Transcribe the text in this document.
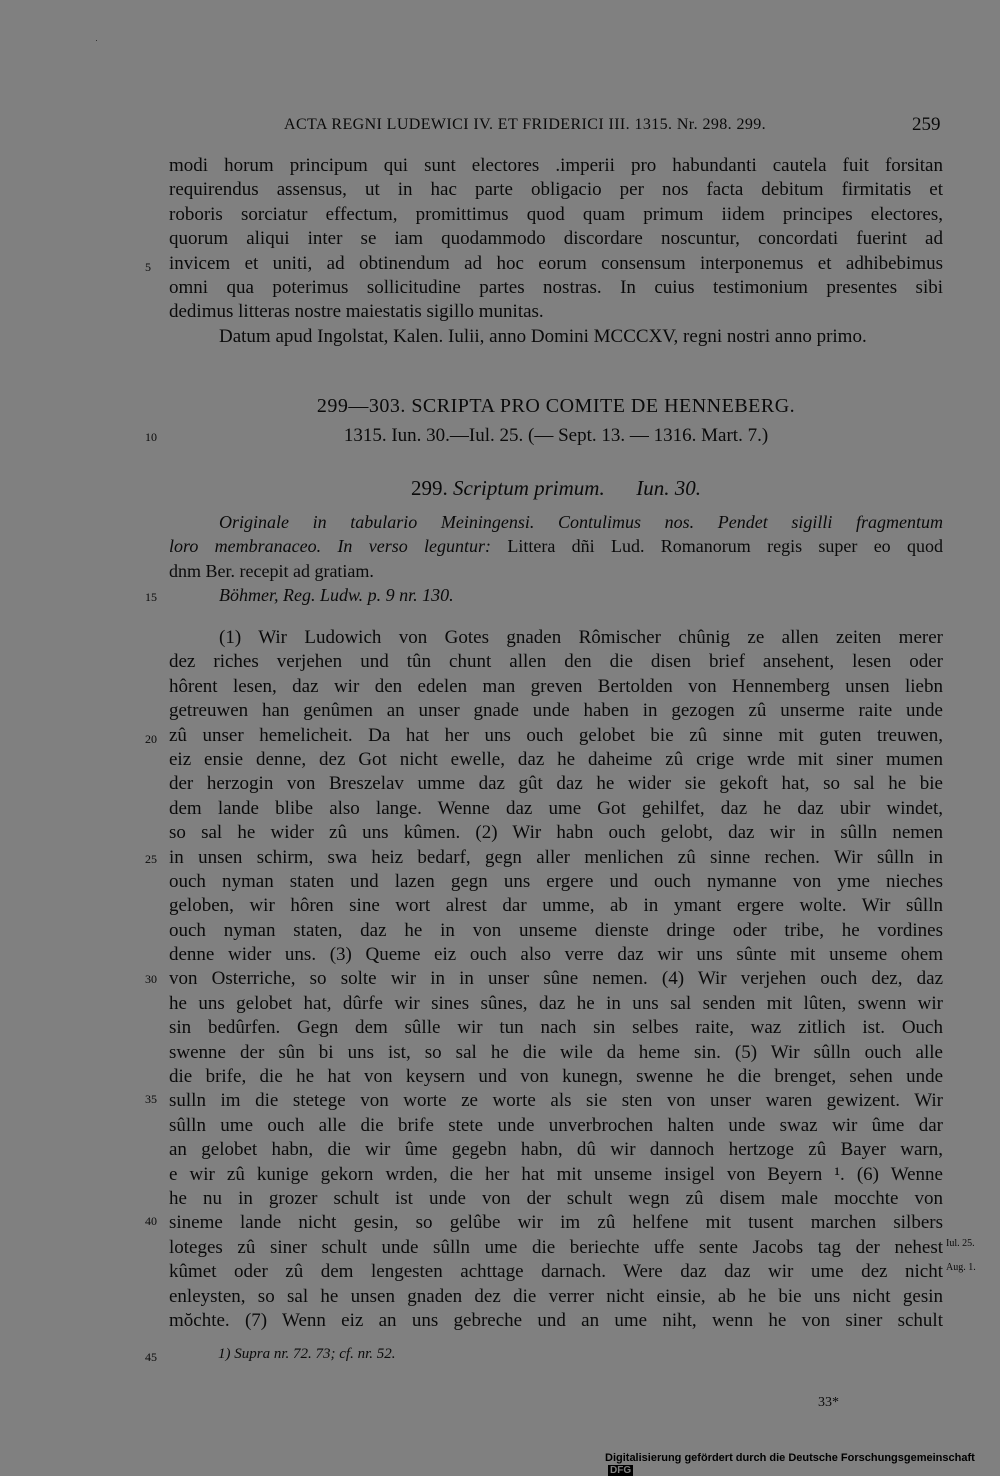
ACTA REGNI LUDEWICI IV. ET FRIDERICI III. 1315. Nr. 298. 299.	259
modi horum principum qui sunt electores .imperii pro habundanti cautela fuit forsitan
requirendus assensus, ut in hac parte obligacio per nos facta debitum firmitatis et
roboris sorciatur effectum, promittimus quod quam primum iidem principes electores,
quorum aliqui inter se iam quodammodo discordare noscuntur, concordati fuerint ad
invicem et uniti, ad obtinendum ad hoc eorum consensum interponemus et adhibebimus
omni qua poterimus sollicitudine partes nostras. In cuius testimonium presentes sibi
dedimus litteras nostre maiestatis sigillo munitas.
Datum apud Ingolstat, Kalen. Iulii, anno Domini MCCCXV, regni nostri anno primo.
299—303. SCRIPTA PRO COMITE DE HENNEBERG.
1315. Iun. 30.—Iul. 25. (— Sept. 13. — 1316. Mart. 7.)
299. Scriptum primum. Iun. 30.
Originale in tabulario Meiningensi. Contulimus nos. Pendet sigilli fragmentum
loro membranaceo. In verso leguntur: Littera dñi Lud. Romanorum regis super eo quod
dnm Ber. recepit ad gratiam.
Böhmer, Reg. Ludw. p. 9 nr. 130.
(1) Wir Ludowich von Gotes gnaden Rômischer chûnig ze allen zeiten merer
dez riches verjehen und tûn chunt allen den die disen brief ansehent, lesen oder
hôrent lesen, daz wir den edelen man greven Bertolden von Hennemberg unsen liebn
getreuwen han genûmen an unser gnade unde haben in gezogen zû unserme raite unde
zû unser hemelicheit. Da hat her uns ouch gelobet bie zû sinne mit guten treuwen,
eiz ensie denne, dez Got nicht ewelle, daz he daheime zû crige wrde mit siner mumen
der herzogin von Breszelav umme daz gût daz he wider sie gekoft hat, so sal he bie
dem lande blibe also lange. Wenne daz ume Got gehilfet, daz he daz ubir windet,
so sal he wider zû uns kûmen. (2) Wir habn ouch gelobt, daz wir in sûlln nemen
in unsen schirm, swa heiz bedarf, gegn aller menlichen zû sinne rechen. Wir sûlln in
ouch nyman staten und lazen gegn uns ergere und ouch nymanne von yme nieches
geloben, wir hôren sine wort alrest dar umme, ab in ymant ergere wolte. Wir sûlln
ouch nyman staten, daz he in von unseme dienste dringe oder tribe, he vordines
denne wider uns. (3) Queme eiz ouch also verre daz wir uns sûnte mit unseme ohem
von Osterriche, so solte wir in in unser sûne nemen. (4) Wir verjehen ouch dez, daz
he uns gelobet hat, dûrfe wir sines sûnes, daz he in uns sal senden mit lûten, swenn wir
sin bedûrfen. Gegn dem sûlle wir tun nach sin selbes raite, waz zitlich ist. Ouch
swenne der sûn bi uns ist, so sal he die wile da heme sin. (5) Wir sûlln ouch alle
die brife, die he hat von keysern und von kunegn, swenne he die brenget, sehen unde
sulln im die stetege von worte ze worte als sie sten von unser waren gewizent. Wir
sûlln ume ouch alle die brife stete unde unverbrochen halten unde swaz wir ûme dar
an gelobet habn, die wir ûme gegebn habn, dû wir dannoch hertzoge zû Bayer warn,
e wir zû kunige gekorn wrden, die her hat mit unseme insigel von Beyern ¹. (6) Wenne
he nu in grozer schult ist unde von der schult wegn zû disem male mocchte von
sineme lande nicht gesin, so gelûbe wir im zû helfene mit tusent marchen silbers
loteges zû siner schult unde sûlln ume die beriechte uffe sente Jacobs tag der nehest
kûmet oder zû dem lengesten achttage darnach. Were daz daz wir ume dez nicht
enleysten, so sal he unsen gnaden dez die verrer nicht einsie, ab he bie uns nicht gesin
mŏchte. (7) Wenn eiz an uns gebreche und an ume niht, wenn he von siner schult
5
10
15
20
25
30
35
40
45
Iul. 25.
Aug. 1.
1) Supra nr. 72. 73; cf. nr. 52.
33*
Digitalisierung gefördert durch die Deutsche Forschungsgemeinschaft DFG
